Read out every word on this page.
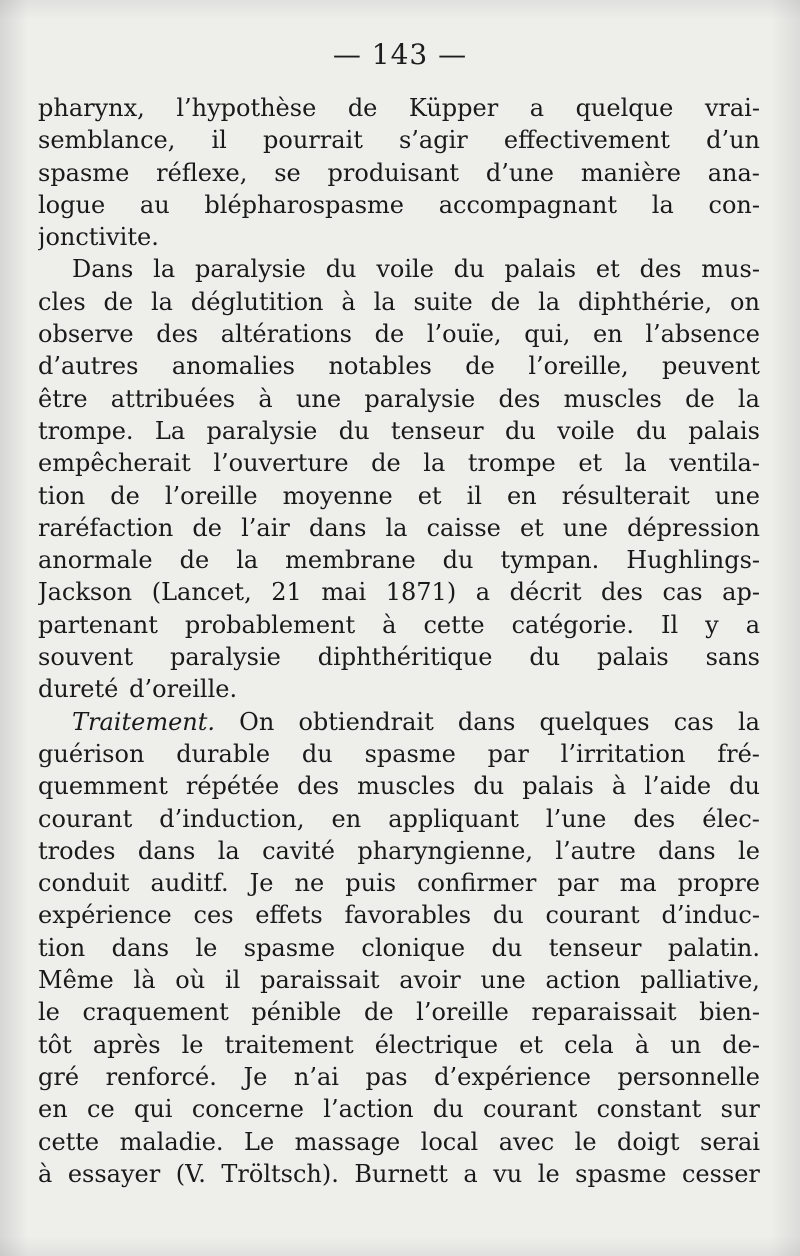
— 143 —
pharynx, l’hypothèse de Küpper a quelque vrai-
semblance, il pourrait s’agir effectivement d’un
spasme réflexe, se produisant d’une manière ana-
logue au blépharospasme accompagnant la con-
jonctivite.
Dans la paralysie du voile du palais et des mus-
cles de la déglutition à la suite de la diphthérie, on
observe des altérations de l’ouïe, qui, en l’absence
d’autres anomalies notables de l’oreille, peuvent
être attribuées à une paralysie des muscles de la
trompe. La paralysie du tenseur du voile du palais
empêcherait l’ouverture de la trompe et la ventila-
tion de l’oreille moyenne et il en résulterait une
raréfaction de l’air dans la caisse et une dépression
anormale de la membrane du tympan. Hughlings-
Jackson (Lancet, 21 mai 1871) a décrit des cas ap-
partenant probablement à cette catégorie. Il y a
souvent paralysie diphthéritique du palais sans
dureté d’oreille.
Traitement. On obtiendrait dans quelques cas la
guérison durable du spasme par l’irritation fré-
quemment répétée des muscles du palais à l’aide du
courant d’induction, en appliquant l’une des élec-
trodes dans la cavité pharyngienne, l’autre dans le
conduit auditf. Je ne puis confirmer par ma propre
expérience ces effets favorables du courant d’induc-
tion dans le spasme clonique du tenseur palatin.
Même là où il paraissait avoir une action palliative,
le craquement pénible de l’oreille reparaissait bien-
tôt après le traitement électrique et cela à un de-
gré renforcé. Je n’ai pas d’expérience personnelle
en ce qui concerne l’action du courant constant sur
cette maladie. Le massage local avec le doigt serai
à essayer (V. Tröltsch). Burnett a vu le spasme cesser
